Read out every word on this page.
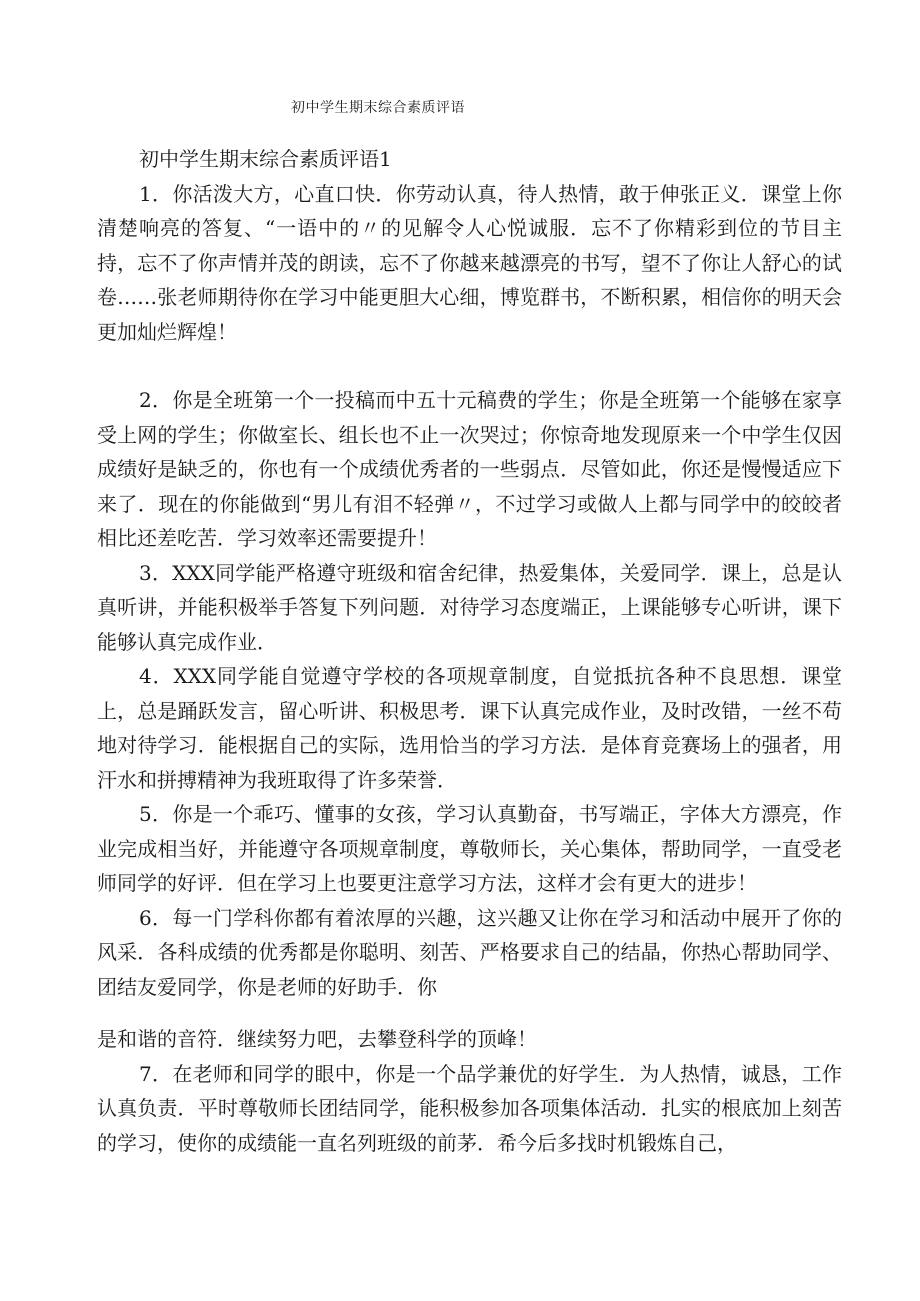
初中学生期末综合素质评语

初中学生期末综合素质评语1

1．你活泼大方，心直口快．你劳动认真，待人热情，敢于伸张正义．课堂上你清楚响亮的答复、“一语中的〃的见解令人心悦诚服．忘不了你精彩到位的节目主持，忘不了你声情并茂的朗读，忘不了你越来越漂亮的书写，望不了你让人舒心的试卷……张老师期待你在学习中能更胆大心细，博览群书，不断积累，相信你的明天会更加灿烂辉煌！

2．你是全班第一个一投稿而中五十元稿费的学生；你是全班第一个能够在家享受上网的学生；你做室长、组长也不止一次哭过；你惊奇地发现原来一个中学生仅因成绩好是缺乏的，你也有一个成绩优秀者的一些弱点．尽管如此，你还是慢慢适应下来了．现在的你能做到“男儿有泪不轻弹〃，不过学习或做人上都与同学中的皎皎者相比还差吃苦．学习效率还需要提升！

3．XXX同学能严格遵守班级和宿舍纪律，热爱集体，关爱同学．课上，总是认真听讲，并能积极举手答复下列问题．对待学习态度端正，上课能够专心听讲，课下能够认真完成作业．

4．XXX同学能自觉遵守学校的各项规章制度，自觉抵抗各种不良思想．课堂上，总是踊跃发言，留心听讲、积极思考．课下认真完成作业，及时改错，一丝不苟地对待学习．能根据自己的实际，选用恰当的学习方法．是体育竞赛场上的强者，用汗水和拼搏精神为我班取得了许多荣誉．

5．你是一个乖巧、懂事的女孩，学习认真勤奋，书写端正，字体大方漂亮，作业完成相当好，并能遵守各项规章制度，尊敬师长，关心集体，帮助同学，一直受老师同学的好评．但在学习上也要更注意学习方法，这样才会有更大的进步！

6．每一门学科你都有着浓厚的兴趣，这兴趣又让你在学习和活动中展开了你的风采．各科成绩的优秀都是你聪明、刻苦、严格要求自己的结晶，你热心帮助同学、团结友爱同学，你是老师的好助手．你

是和谐的音符．继续努力吧，去攀登科学的顶峰！

7．在老师和同学的眼中，你是一个品学兼优的好学生．为人热情，诚恳，工作认真负责．平时尊敬师长团结同学，能积极参加各项集体活动．扎实的根底加上刻苦的学习，使你的成绩能一直名列班级的前茅．希今后多找时机锻炼自己，
